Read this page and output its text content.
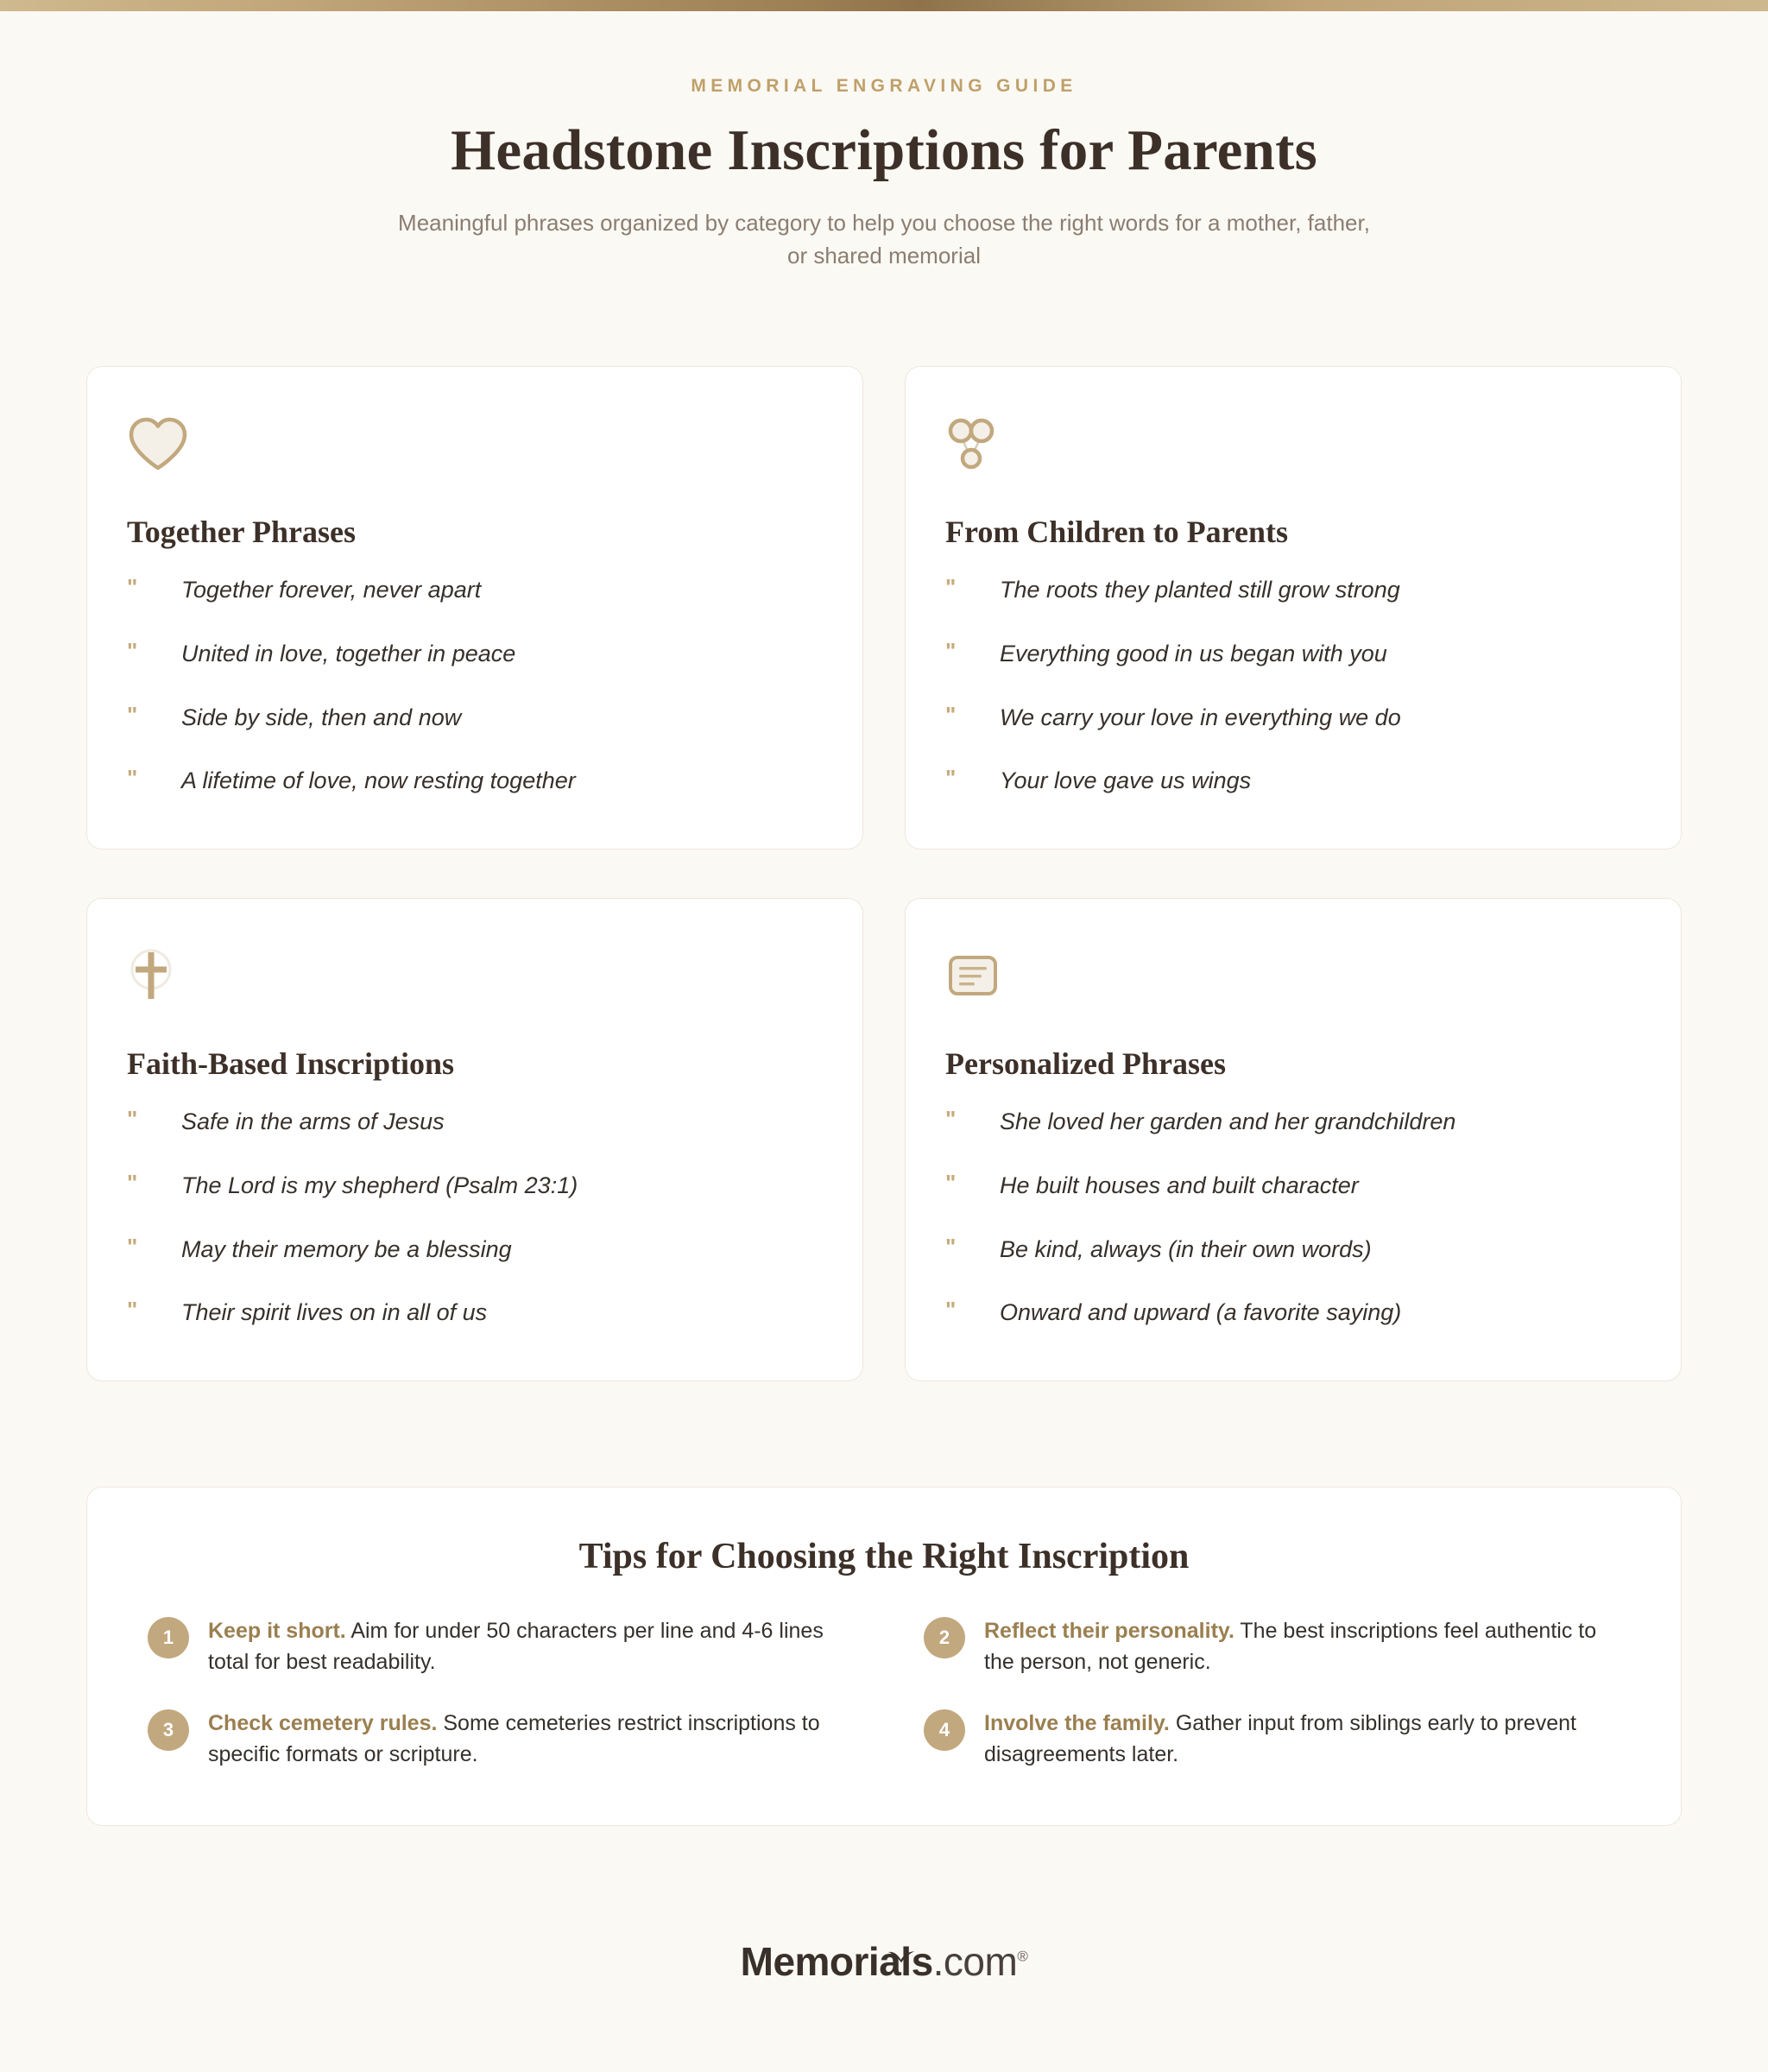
MEMORIAL ENGRAVING GUIDE
Headstone Inscriptions for Parents

Meaningful phrases organized by category to help you choose the right words for a mother, father, or shared memorial

Together Phrases
"	Together forever, never apart
"	United in love, together in peace
"	Side by side, then and now
"	A lifetime of love, now resting together
From Children to Parents
"	The roots they planted still grow strong
"	Everything good in us began with you
"	We carry your love in everything we do
"	Your love gave us wings
Faith-Based Inscriptions
"	Safe in the arms of Jesus
"	The Lord is my shepherd (Psalm 23:1)
"	May their memory be a blessing
"	Their spirit lives on in all of us
Personalized Phrases
"	She loved her garden and her grandchildren
"	He built houses and built character
"	Be kind, always (in their own words)
"	Onward and upward (a favorite saying)
Tips for Choosing the Right Inscription
1	Keep it short. Aim for under 50 characters per line and 4-6 lines total for best readability.
2	Reflect their personality. The best inscriptions feel authentic to the person, not generic.
3	Check cemetery rules. Some cemeteries restrict inscriptions to specific formats or scripture.
4	Involve the family. Gather input from siblings early to prevent disagreements later.
Memorials.com®
